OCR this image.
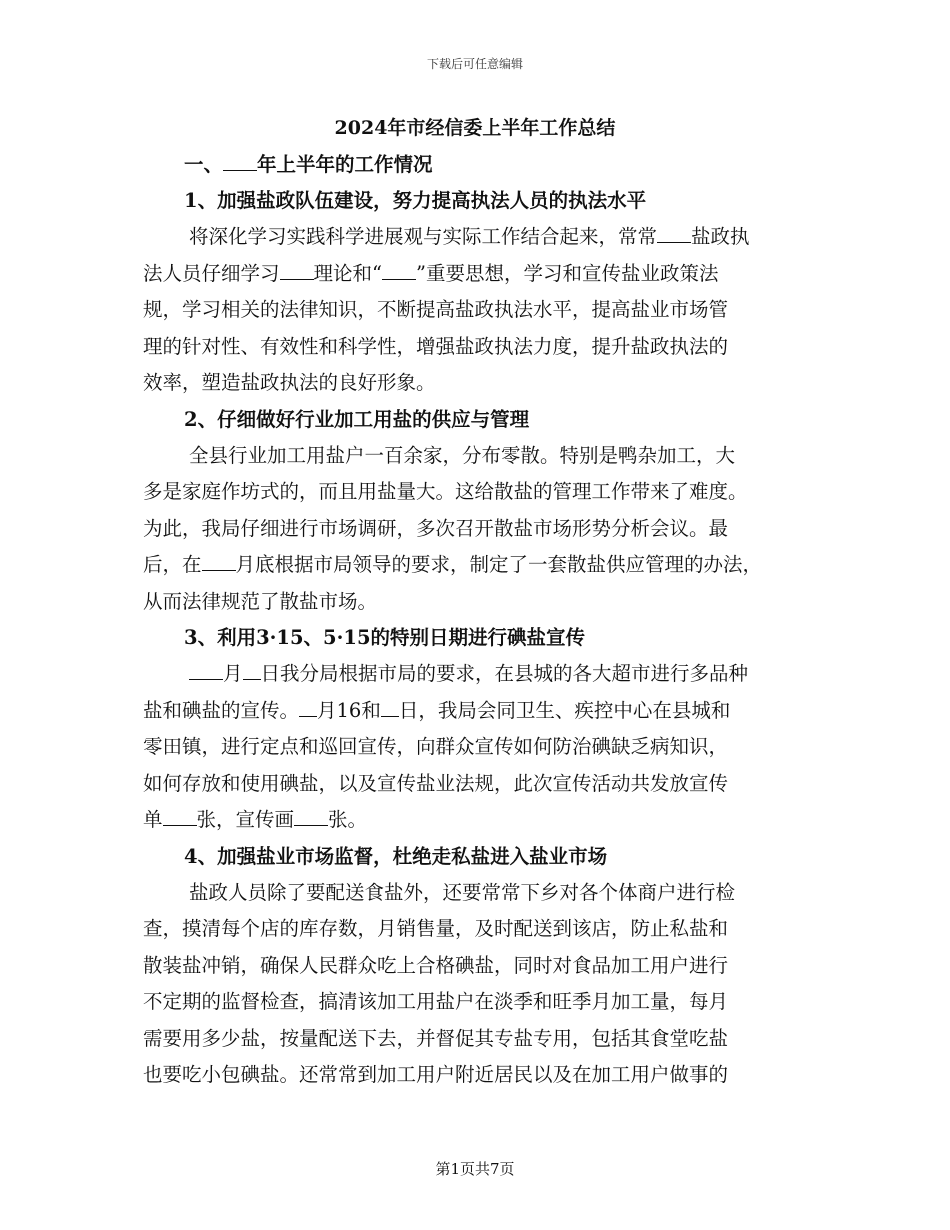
下载后可任意编辑
2024年市经信委上半年工作总结
一、 年上半年的工作情况
1、加强盐政队伍建设，努力提高执法人员的执法水平
将深化学习实践科学进展观与实际工作结合起来，常常 盐政执
法人员仔细学习 理论和“ ”重要思想，学习和宣传盐业政策法
规，学习相关的法律知识，不断提高盐政执法水平，提高盐业市场管
理的针对性、有效性和科学性，增强盐政执法力度，提升盐政执法的
效率，塑造盐政执法的良好形象。
2、仔细做好行业加工用盐的供应与管理
全县行业加工用盐户一百余家，分布零散。特别是鸭杂加工，大
多是家庭作坊式的，而且用盐量大。这给散盐的管理工作带来了难度。
为此，我局仔细进行市场调研，多次召开散盐市场形势分析会议。最
后，在 月底根据市局领导的要求，制定了一套散盐供应管理的办法，
从而法律规范了散盐市场。
3、利用3·15、5·15的特别日期进行碘盐宣传
月 日我分局根据市局的要求，在县城的各大超市进行多品种
盐和碘盐的宣传。 月16和 日，我局会同卫生、疾控中心在县城和
零田镇，进行定点和巡回宣传，向群众宣传如何防治碘缺乏病知识，
如何存放和使用碘盐，以及宣传盐业法规，此次宣传活动共发放宣传
单 张，宣传画 张。
4、加强盐业市场监督，杜绝走私盐进入盐业市场
盐政人员除了要配送食盐外，还要常常下乡对各个体商户进行检
查，摸清每个店的库存数，月销售量，及时配送到该店，防止私盐和
散装盐冲销，确保人民群众吃上合格碘盐，同时对食品加工用户进行
不定期的监督检查，搞清该加工用盐户在淡季和旺季月加工量，每月
需要用多少盐，按量配送下去，并督促其专盐专用，包括其食堂吃盐
也要吃小包碘盐。还常常到加工用户附近居民以及在加工用户做事的
第1页共7页
